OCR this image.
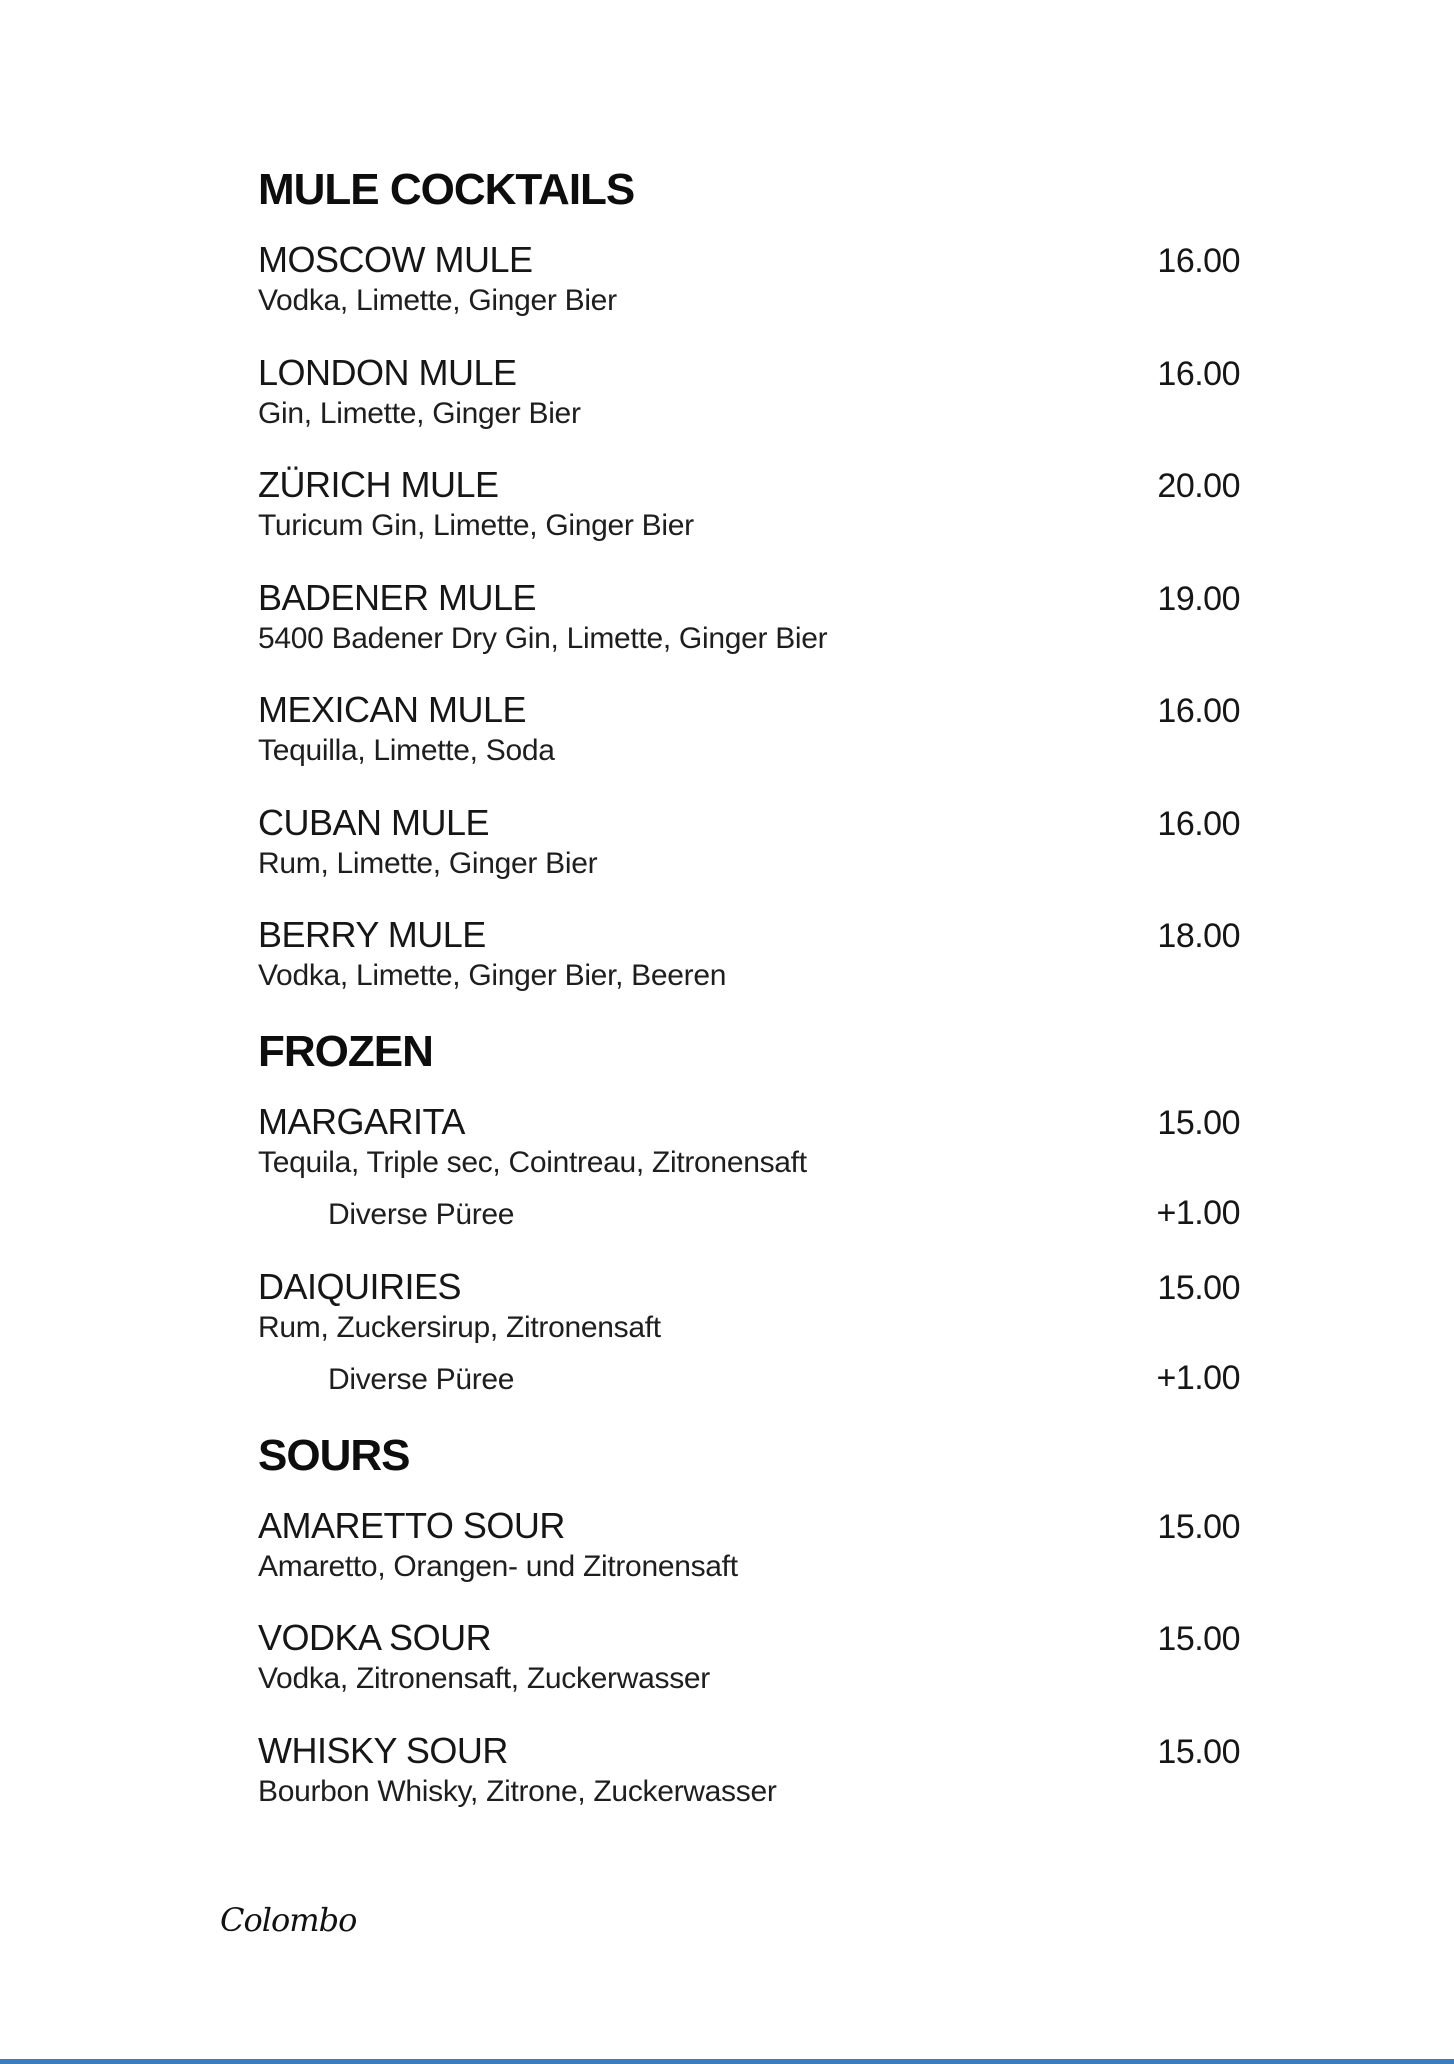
MULE COCKTAILS
MOSCOW MULE	16.00
Vodka, Limette, Ginger Bier
LONDON MULE	16.00
Gin, Limette, Ginger Bier
ZÜRICH MULE	20.00
Turicum Gin, Limette, Ginger Bier
BADENER MULE	19.00
5400 Badener Dry Gin, Limette, Ginger Bier
MEXICAN MULE	16.00
Tequilla, Limette, Soda
CUBAN MULE	16.00
Rum, Limette, Ginger Bier
BERRY MULE	18.00
Vodka, Limette, Ginger Bier, Beeren
FROZEN
MARGARITA	15.00
Tequila, Triple sec, Cointreau, Zitronensaft
Diverse Püree	+1.00
DAIQUIRIES	15.00
Rum, Zuckersirup, Zitronensaft
Diverse Püree	+1.00
SOURS
AMARETTO SOUR	15.00
Amaretto, Orangen- und Zitronensaft
VODKA SOUR	15.00
Vodka, Zitronensaft, Zuckerwasser
WHISKY SOUR	15.00
Bourbon Whisky, Zitrone, Zuckerwasser
Colombo
